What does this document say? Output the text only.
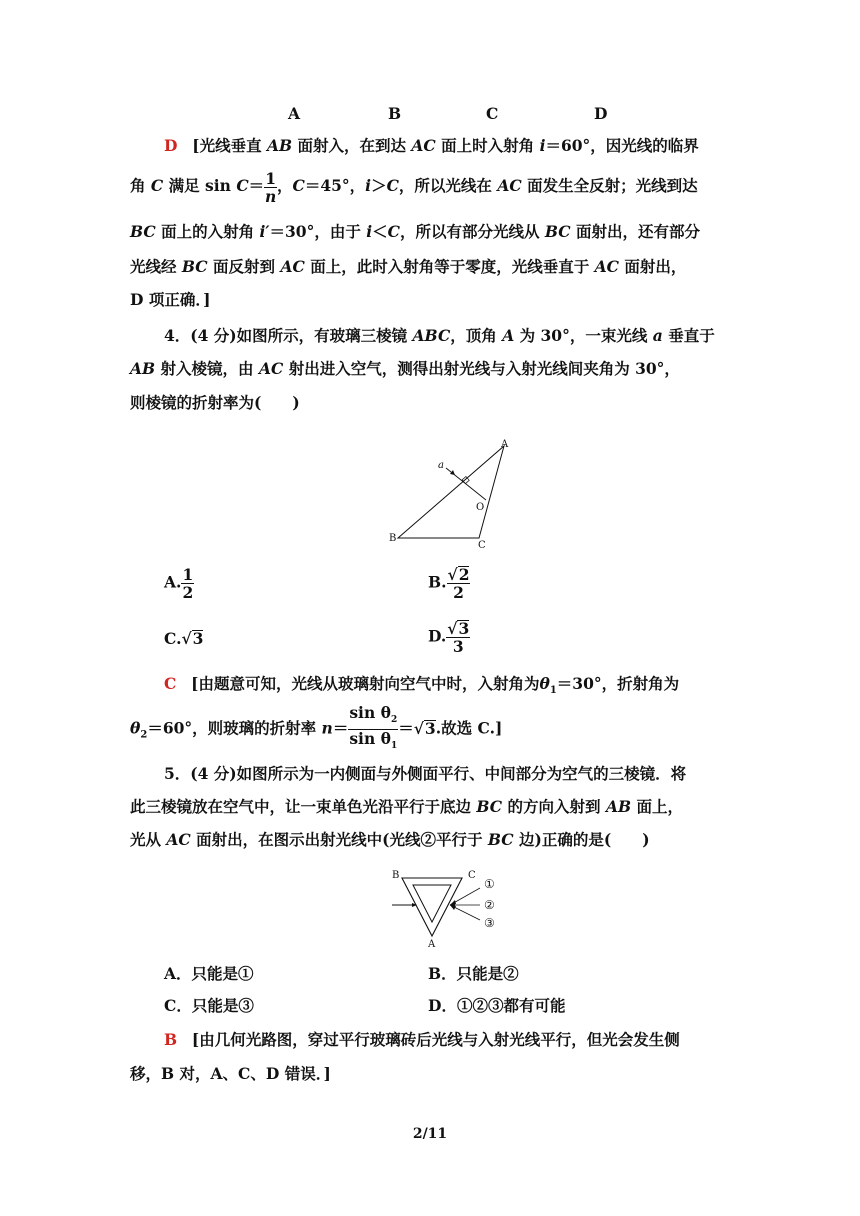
A	B	C	D
D [光线垂直 AB 面射入，在到达 AC 面上时入射角 i＝60°，因光线的临界
角 C 满足 $\sin C= \frac{1}{n}$ ，C＝45°，i＞C，所以光线在 AC 面发生全反射；光线到达
BC 面上的入射角 i′＝30°，由于 i＜C，所以有部分光线从 BC 面射出，还有部分
光线经 BC 面反射到 AC 面上，此时入射角等于零度，光线垂直于 AC 面射出，
D 项正确．]
4．(4 分)如图所示，有玻璃三棱镜 ABC，顶角 A 为 30°，一束光线 a 垂直于
AB 射入棱镜，由 AC 射出进入空气，测得出射光线与入射光线间夹角为 30°，
则棱镜的折射率为(　　)
A
B
C
O
a
A. $\frac{1}{2}$	B. $\frac{√2}{2}$
C.√3	D. $\frac{√3}{3}$
C [由题意可知，光线从玻璃射向空气中时，入射角为$\theta_1=30^\circ$，折射角为
$\theta_2=60^\circ$，则玻璃的折射率 $n= \frac{\sin \theta_2}{\sin \theta_1} =√3$.故选 C.]
5．(4 分)如图所示为一内侧面与外侧面平行、中间部分为空气的三棱镜．将
此三棱镜放在空气中，让一束单色光沿平行于底边 BC 的方向入射到 AB 面上，
光从 AC 面射出，在图示出射光线中(光线②平行于 BC 边)正确的是(　　)
B	C
A
①
②
③
A．只能是①	B．只能是②
C．只能是③	D．①②③都有可能
B [由几何光路图，穿过平行玻璃砖后光线与入射光线平行，但光会发生侧
移，B 对，A、C、D 错误．]
2/11
